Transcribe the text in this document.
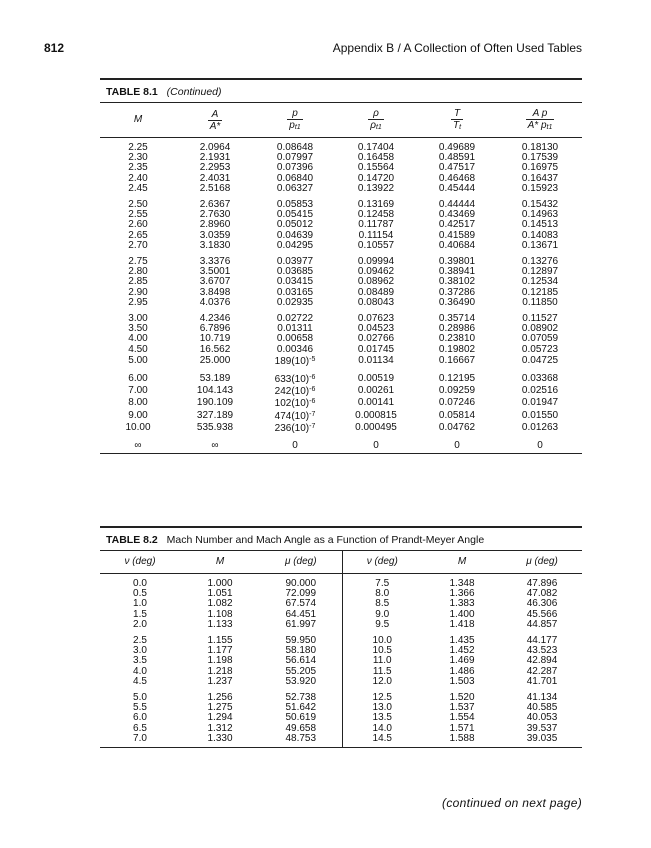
812	Appendix B / A Collection of Often Used Tables
TABLE 8.1 (Continued)
M	$\frac{A}{A*}$	$\frac{p}{p_{t1}}$	$\frac{\rho}{\rho_{t1}}$	$\frac{T}{T_t}$	$\frac{\text{A p}}{A* p_{t1}}$

2.25	2.0964	0.08648	0.17404	0.49689	0.18130
2.30	2.1931	0.07997	0.16458	0.48591	0.17539
2.35	2.2953	0.07396	0.15564	0.47517	0.16975
2.40	2.4031	0.06840	0.14720	0.46468	0.16437
2.45	2.5168	0.06327	0.13922	0.45444	0.15923
2.50	2.6367	0.05853	0.13169	0.44444	0.15432
2.55	2.7630	0.05415	0.12458	0.43469	0.14963
2.60	2.8960	0.05012	0.11787	0.42517	0.14513
2.65	3.0359	0.04639	0.11154	0.41589	0.14083
2.70	3.1830	0.04295	0.10557	0.40684	0.13671
2.75	3.3376	0.03977	0.09994	0.39801	0.13276
2.80	3.5001	0.03685	0.09462	0.38941	0.12897
2.85	3.6707	0.03415	0.08962	0.38102	0.12534
2.90	3.8498	0.03165	0.08489	0.37286	0.12185
2.95	4.0376	0.02935	0.08043	0.36490	0.11850
3.00	4.2346	0.02722	0.07623	0.35714	0.11527
3.50	6.7896	0.01311	0.04523	0.28986	0.08902
4.00	10.719	0.00658	0.02766	0.23810	0.07059
4.50	16.562	0.00346	0.01745	0.19802	0.05723
5.00	25.000	$189(10)^{-5}$	0.01134	0.16667	0.04725
6.00	53.189	$633(10)^{-6}$	0.00519	0.12195	0.03368
7.00	104.143	$242(10)^{-6}$	0.00261	0.09259	0.02516
8.00	190.109	$102(10)^{-6}$	0.00141	0.07246	0.01947
9.00	327.189	$474(10)^{-7}$	0.000815	0.05814	0.01550
10.00	535.938	$236(10)^{-7}$	0.000495	0.04762	0.01263
∞	∞	0	0	0	0
TABLE 8.2 Mach Number and Mach Angle as a Function of Prandt-Meyer Angle
ν (deg)	M	μ (deg)	ν (deg)	M	μ (deg)
0.0	1.000	90.000	7.5	1.348	47.896
0.5	1.051	72.099	8.0	1.366	47.082
1.0	1.082	67.574	8.5	1.383	46.306
1.5	1.108	64.451	9.0	1.400	45.566
2.0	1.133	61.997	9.5	1.418	44.857
2.5	1.155	59.950	10.0	1.435	44.177
3.0	1.177	58.180	10.5	1.452	43.523
3.5	1.198	56.614	11.0	1.469	42.894
4.0	1.218	55.205	11.5	1.486	42.287
4.5	1.237	53.920	12.0	1.503	41.701
5.0	1.256	52.738	12.5	1.520	41.134
5.5	1.275	51.642	13.0	1.537	40.585
6.0	1.294	50.619	13.5	1.554	40.053
6.5	1.312	49.658	14.0	1.571	39.537
7.0	1.330	48.753	14.5	1.588	39.035
(continued on next page)
